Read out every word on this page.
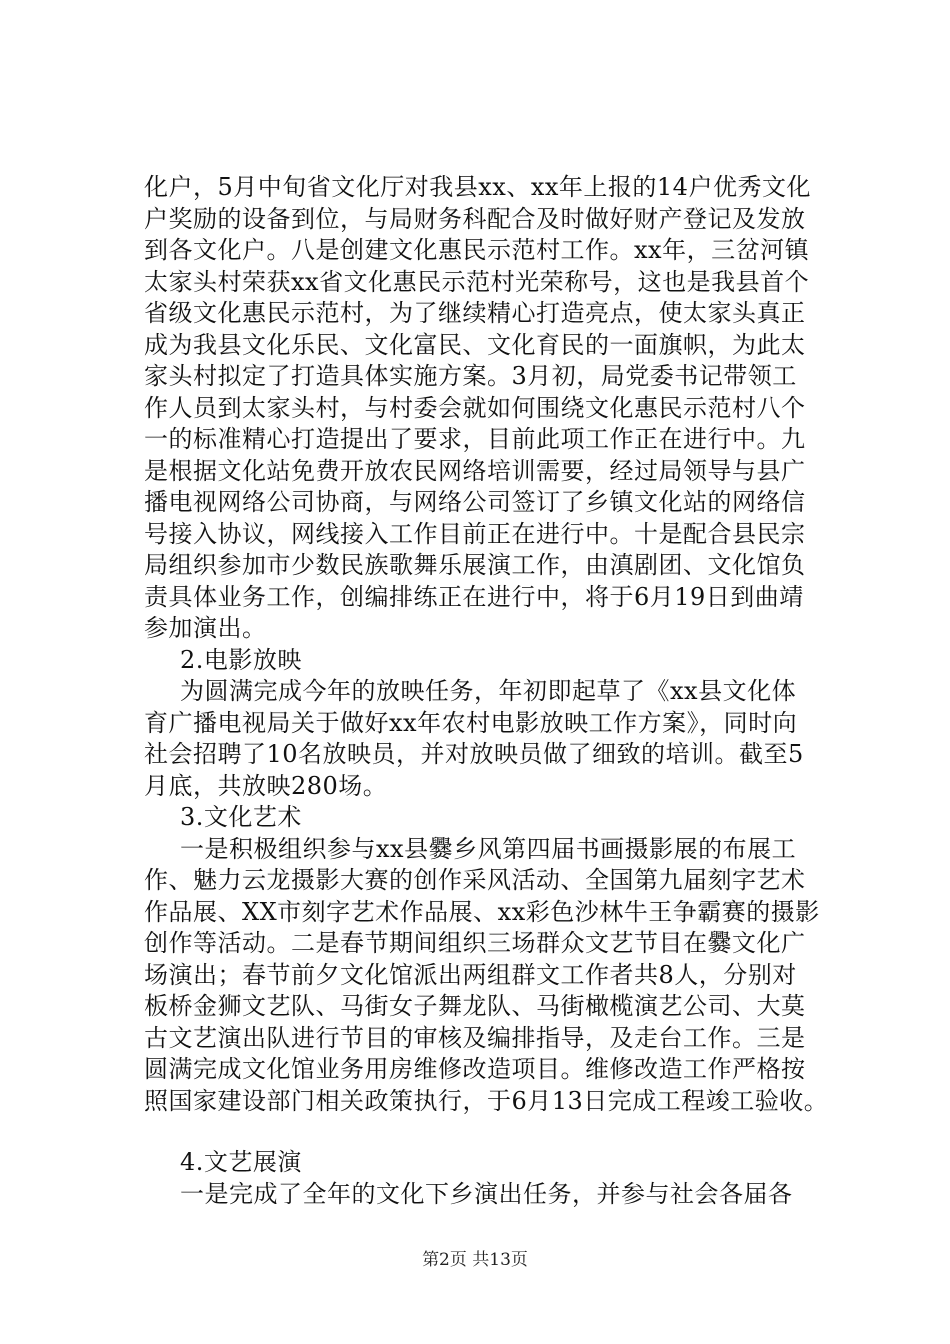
化户，5月中旬省文化厅对我县xx、xx年上报的14户优秀文化
户奖励的设备到位，与局财务科配合及时做好财产登记及发放
到各文化户。八是创建文化惠民示范村工作。xx年，三岔河镇
太家头村荣获xx省文化惠民示范村光荣称号，这也是我县首个
省级文化惠民示范村，为了继续精心打造亮点，使太家头真正
成为我县文化乐民、文化富民、文化育民的一面旗帜，为此太
家头村拟定了打造具体实施方案。3月初，局党委书记带领工
作人员到太家头村，与村委会就如何围绕文化惠民示范村八个
一的标准精心打造提出了要求，目前此项工作正在进行中。九
是根据文化站免费开放农民网络培训需要，经过局领导与县广
播电视网络公司协商，与网络公司签订了乡镇文化站的网络信
号接入协议，网线接入工作目前正在进行中。十是配合县民宗
局组织参加市少数民族歌舞乐展演工作，由滇剧团、文化馆负
责具体业务工作，创编排练正在进行中，将于6月19日到曲靖
参加演出。
2.电影放映
为圆满完成今年的放映任务，年初即起草了《xx县文化体
育广播电视局关于做好xx年农村电影放映工作方案》，同时向
社会招聘了10名放映员，并对放映员做了细致的培训。截至5
月底，共放映280场。
3.文化艺术
一是积极组织参与xx县爨乡风第四届书画摄影展的布展工
作、魅力云龙摄影大赛的创作采风活动、全国第九届刻字艺术
作品展、XX市刻字艺术作品展、xx彩色沙林牛王争霸赛的摄影
创作等活动。二是春节期间组织三场群众文艺节目在爨文化广
场演出；春节前夕文化馆派出两组群文工作者共8人，分别对
板桥金狮文艺队、马街女子舞龙队、马街橄榄演艺公司、大莫
古文艺演出队进行节目的审核及编排指导，及走台工作。三是
圆满完成文化馆业务用房维修改造项目。维修改造工作严格按
照国家建设部门相关政策执行，于6月13日完成工程竣工验收。
4.文艺展演
一是完成了全年的文化下乡演出任务，并参与社会各届各
第2页 共13页
